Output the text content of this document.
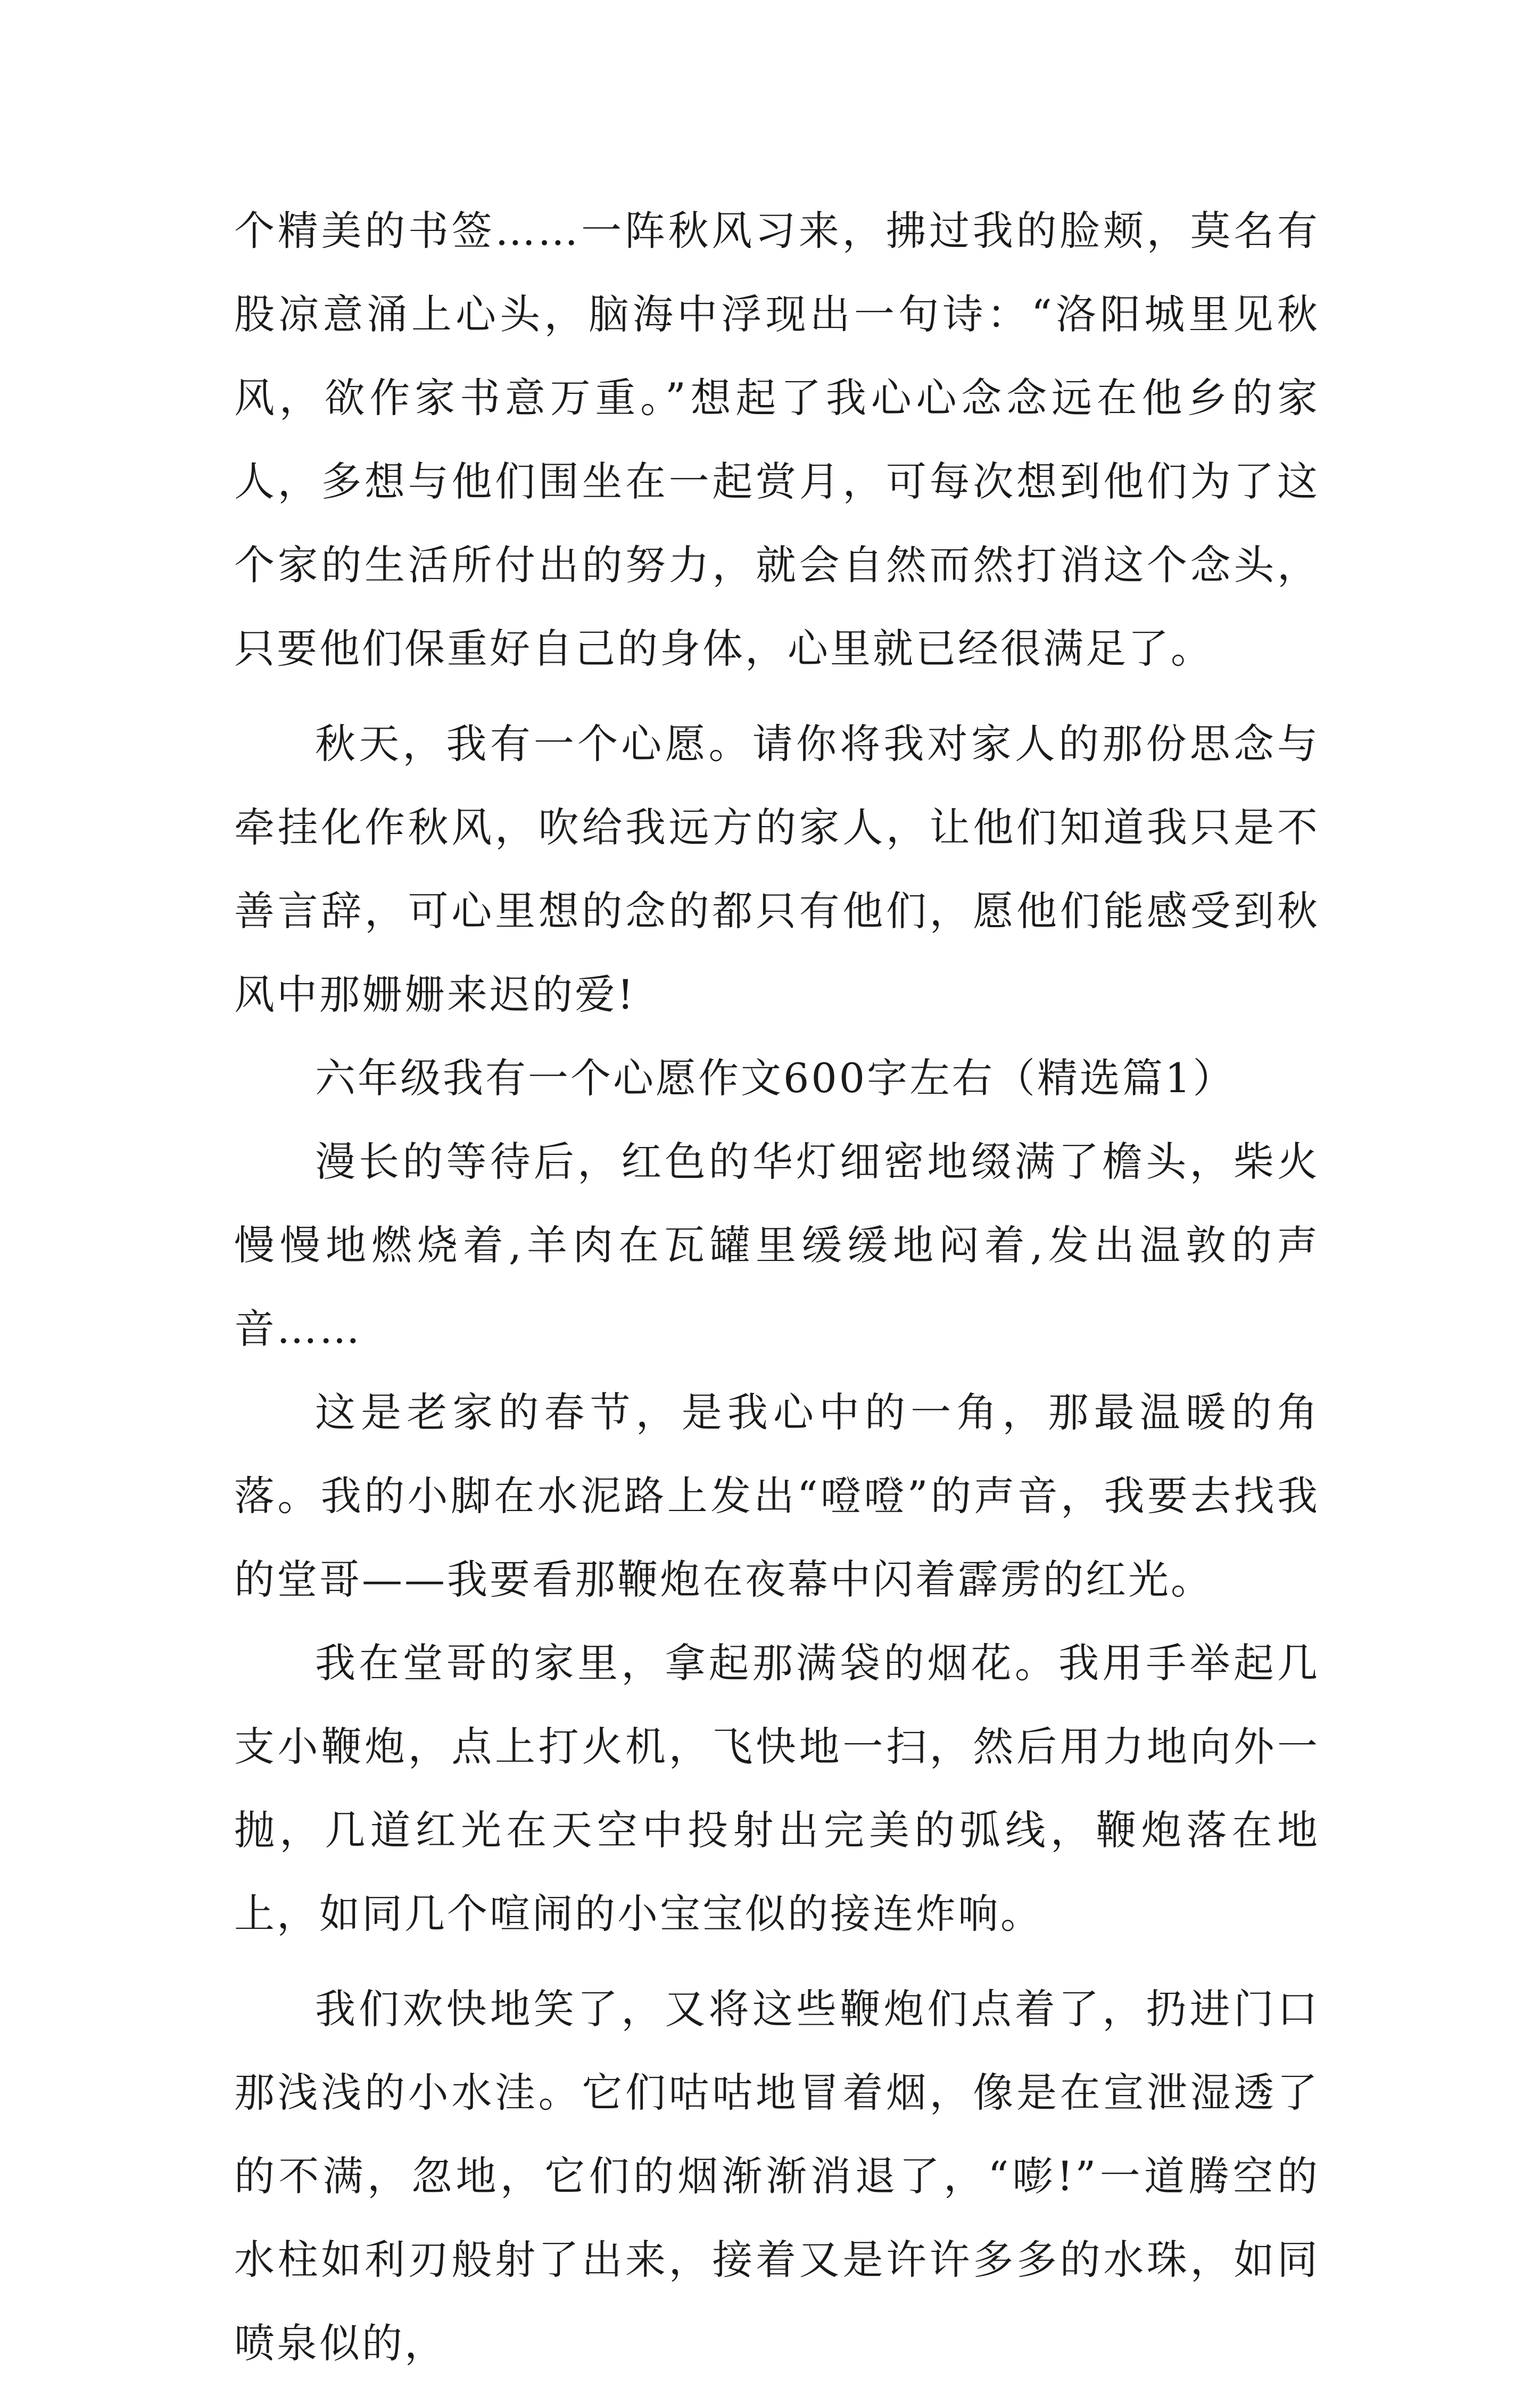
个精美的书签……一阵秋风习来，拂过我的脸颊，莫名有股凉意涌上心头，脑海中浮现出一句诗：“洛阳城里见秋风，欲作家书意万重。”想起了我心心念念远在他乡的家人，多想与他们围坐在一起赏月，可每次想到他们为了这个家的生活所付出的努力，就会自然而然打消这个念头，只要他们保重好自己的身体，心里就已经很满足了。

秋天，我有一个心愿。请你将我对家人的那份思念与牵挂化作秋风，吹给我远方的家人，让他们知道我只是不善言辞，可心里想的念的都只有他们，愿他们能感受到秋风中那姗姗来迟的爱!

六年级我有一个心愿作文600字左右（精选篇1）

漫长的等待后，红色的华灯细密地缀满了檐头，柴火慢慢地燃烧着,羊肉在瓦罐里缓缓地闷着,发出温敦的声音……

这是老家的春节，是我心中的一角，那最温暖的角落。我的小脚在水泥路上发出“噔噔”的声音，我要去找我的堂哥——我要看那鞭炮在夜幕中闪着霹雳的红光。

我在堂哥的家里，拿起那满袋的烟花。我用手举起几支小鞭炮，点上打火机，飞快地一扫，然后用力地向外一抛，几道红光在天空中投射出完美的弧线，鞭炮落在地上，如同几个喧闹的小宝宝似的接连炸响。

我们欢快地笑了，又将这些鞭炮们点着了，扔进门口那浅浅的小水洼。它们咕咕地冒着烟，像是在宣泄湿透了的不满，忽地，它们的烟渐渐消退了，“嘭!”一道腾空的水柱如利刃般射了出来，接着又是许许多多的水珠，如同喷泉似的，
